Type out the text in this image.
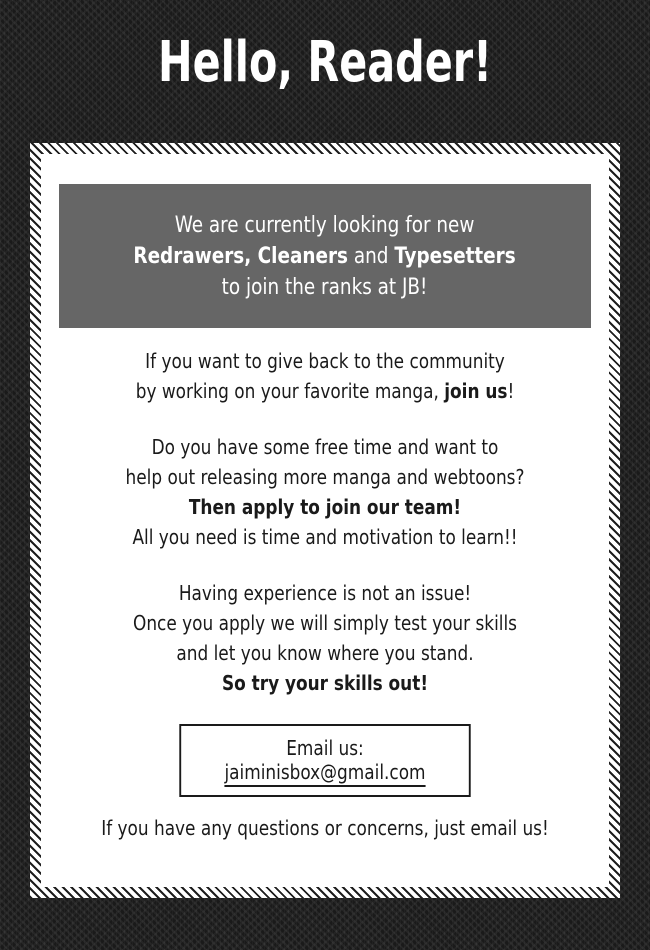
Hello, Reader!
We are currently looking for new
Redrawers, Cleaners and Typesetters
to join the ranks at JB!

If you want to give back to the community
by working on your favorite manga, join us!

Do you have some free time and want to
help out releasing more manga and webtoons?
Then apply to join our team!
All you need is time and motivation to learn!!

Having experience is not an issue!
Once you apply we will simply test your skills
and let you know where you stand.
So try your skills out!

Email us: jaiminisbox@gmail.com

If you have any questions or concerns, just email us!
